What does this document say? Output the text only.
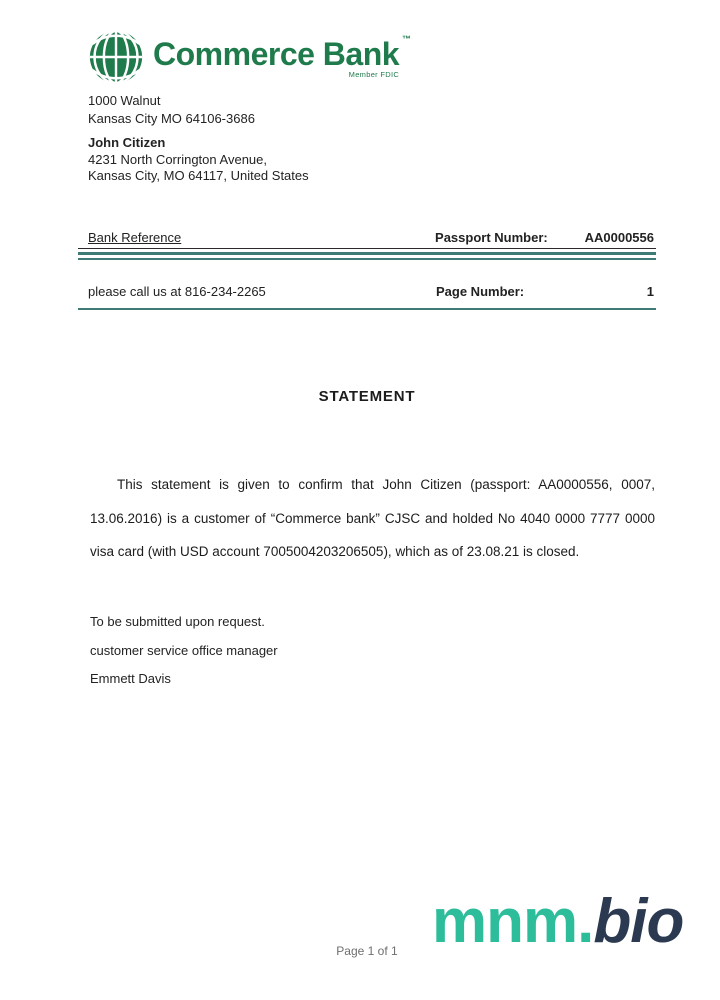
Commerce Bank ™
Member FDIC
1000 Walnut
Kansas City MO 64106-3686
John Citizen
4231 North Corrington Avenue,
Kansas City, MO 64117, United States
Bank Reference	Passport Number:	AA0000556
please call us at 816-234-2265	Page Number:	1
STATEMENT
This statement is given to confirm that John Citizen (passport: AA0000556, 0007,
13.06.2016) is a customer of “Commerce bank” CJSC and holded No 4040 0000 7777 0000
visa card (with USD account 7005004203206505), which as of 23.08.21 is closed.
To be submitted upon request.
customer service office manager
Emmett Davis
mnm.bio
Page 1 of 1
